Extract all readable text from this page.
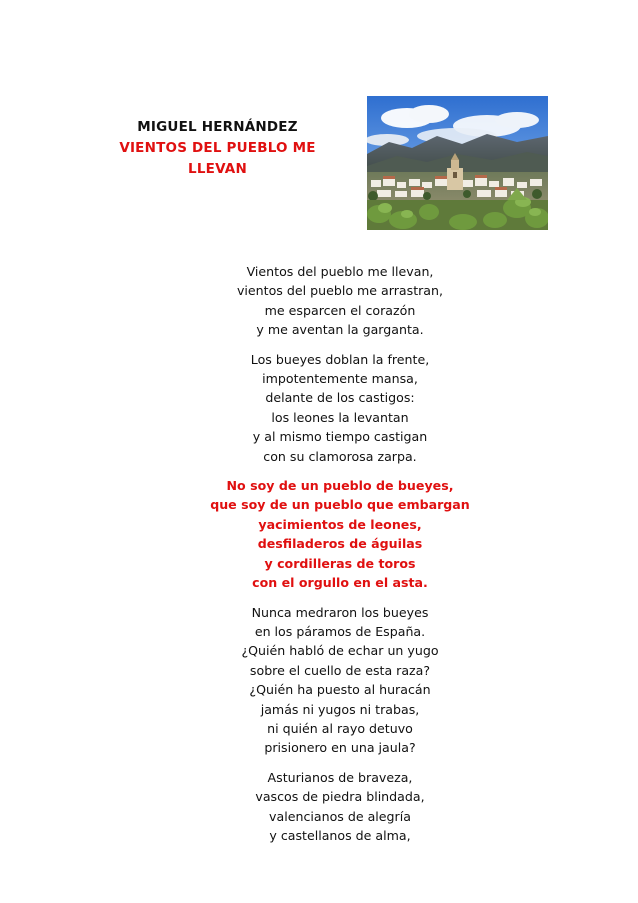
MIGUEL HERNÁNDEZ
VIENTOS DEL PUEBLO ME
LLEVAN
Vientos del pueblo me llevan,
vientos del pueblo me arrastran,
me esparcen el corazón
y me aventan la garganta.
Los bueyes doblan la frente,
impotentemente mansa,
delante de los castigos:
los leones la levantan
y al mismo tiempo castigan
con su clamorosa zarpa.
No soy de un pueblo de bueyes,
que soy de un pueblo que embargan
yacimientos de leones,
desfiladeros de águilas
y cordilleras de toros
con el orgullo en el asta.
Nunca medraron los bueyes
en los páramos de España.
¿Quién habló de echar un yugo
sobre el cuello de esta raza?
¿Quién ha puesto al huracán
jamás ni yugos ni trabas,
ni quién al rayo detuvo
prisionero en una jaula?
Asturianos de braveza,
vascos de piedra blindada,
valencianos de alegría
y castellanos de alma,
